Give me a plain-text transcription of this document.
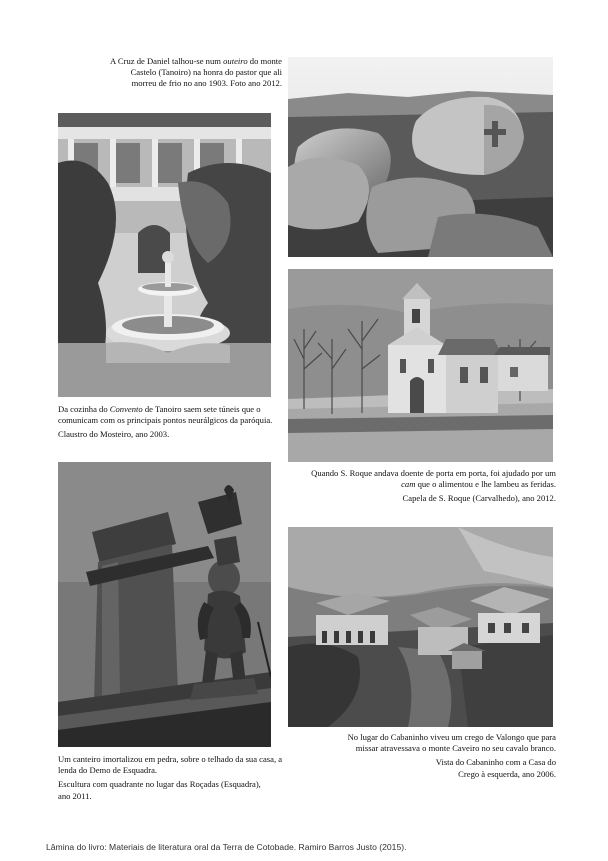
A Cruz de Daniel talhou-se num outeiro do monte
Castelo (Tanoiro) na honra do pastor que ali
morreu de frio no ano 1903. Foto ano 2012.

Da cozinha do Convento de Tanoiro saem sete túneis que o
comunicam com os principais pontos neurálgicos da paróquia.

Claustro do Mosteiro, ano 2003.

Quando S. Roque andava doente de porta em porta, foi ajudado por um
cam que o alimentou e lhe lambeu as feridas.

Capela de S. Roque (Carvalhedo), ano 2012.

Um canteiro imortalizou em pedra, sobre o telhado da sua casa, a
lenda do Demo de Esquadra.

Escultura com quadrante no lugar das Roçadas (Esquadra),
ano 2011.

No lugar do Cabaninho viveu um crego de Valongo que para
missar atravessava o monte Caveiro no seu cavalo branco.

Vista do Cabaninho com a Casa do
Crego à esquerda, ano 2006.

Lâmina do livro: Materiais de literatura oral da Terra de Cotobade. Ramiro Barros Justo (2015).
